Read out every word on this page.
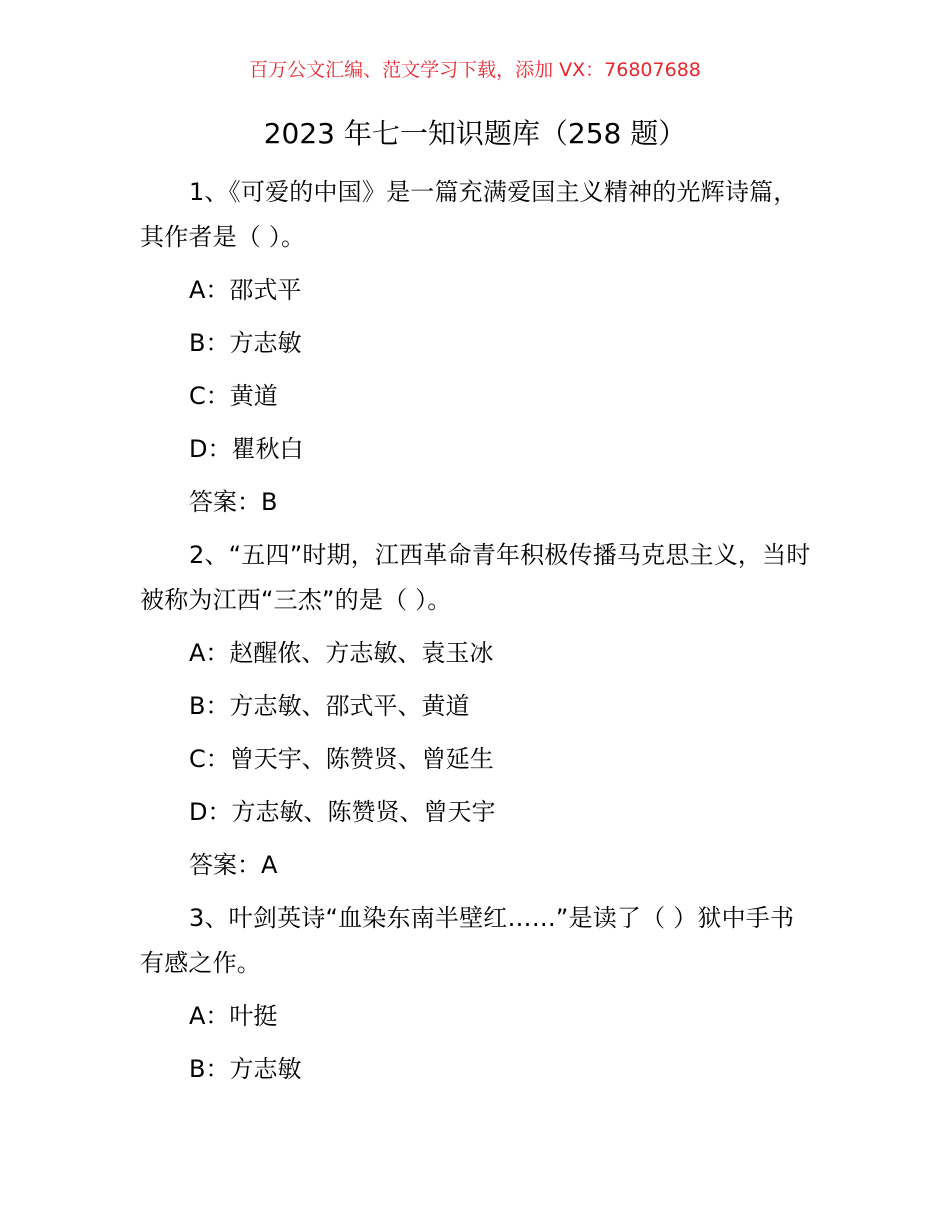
百万公文汇编、范文学习下载，添加 VX：76807688
2023 年七一知识题库（258 题）

1、《可爱的中国》是一篇充满爱国主义精神的光辉诗篇，其作者是（ ）。

A：邵式平

B：方志敏

C：黄道

D：瞿秋白

答案：B

2、“五四”时期，江西革命青年积极传播马克思主义，当时被称为江西“三杰”的是（ ）。

A：赵醒侬、方志敏、袁玉冰

B：方志敏、邵式平、黄道

C：曾天宇、陈赞贤、曾延生

D：方志敏、陈赞贤、曾天宇

答案：A

3、叶剑英诗“血染东南半壁红……”是读了（ ）狱中手书有感之作。

A：叶挺

B：方志敏
